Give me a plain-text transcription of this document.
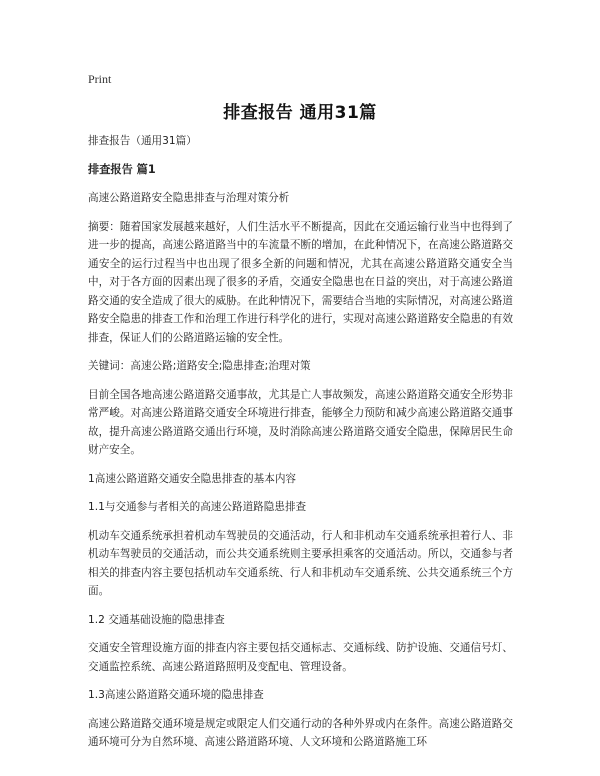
Print
排查报告 通用31篇

排查报告（通用31篇）

排查报告 篇1

高速公路道路安全隐患排查与治理对策分析

摘要：随着国家发展越来越好，人们生活水平不断提高，因此在交通运输行业当中也得到了进一步的提高，高速公路道路当中的车流量不断的增加，在此种情况下，在高速公路道路交通安全的运行过程当中也出现了很多全新的问题和情况，尤其在高速公路道路交通安全当中，对于各方面的因素出现了很多的矛盾，交通安全隐患也在日益的突出，对于高速公路道路交通的安全造成了很大的威胁。在此种情况下，需要结合当地的实际情况，对高速公路道路安全隐患的排查工作和治理工作进行科学化的进行，实现对高速公路道路安全隐患的有效排查，保证人们的公路道路运输的安全性。

关键词：高速公路;道路安全;隐患排查;治理对策

目前全国各地高速公路道路交通事故，尤其是亡人事故频发，高速公路道路交通安全形势非常严峻。对高速公路道路交通安全环境进行排查，能够全力预防和减少高速公路道路交通事故，提升高速公路道路交通出行环境，及时消除高速公路道路交通安全隐患，保障居民生命财产安全。

1高速公路道路交通安全隐患排查的基本内容

1.1与交通参与者相关的高速公路道路隐患排查

机动车交通系统承担着机动车驾驶员的交通活动，行人和非机动车交通系统承担着行人、非机动车驾驶员的交通活动，而公共交通系统则主要承担乘客的交通活动。所以，交通参与者相关的排查内容主要包括机动车交通系统、行人和非机动车交通系统、公共交通系统三个方面。

1.2 交通基础设施的隐患排查

交通安全管理设施方面的排查内容主要包括交通标志、交通标线、防护设施、交通信号灯、交通监控系统、高速公路道路照明及变配电、管理设备。

1.3高速公路道路交通环境的隐患排查

高速公路道路交通环境是规定或限定人们交通行动的各种外界或内在条件。高速公路道路交通环境可分为自然环境、高速公路道路环境、人文环境和公路道路施工环
